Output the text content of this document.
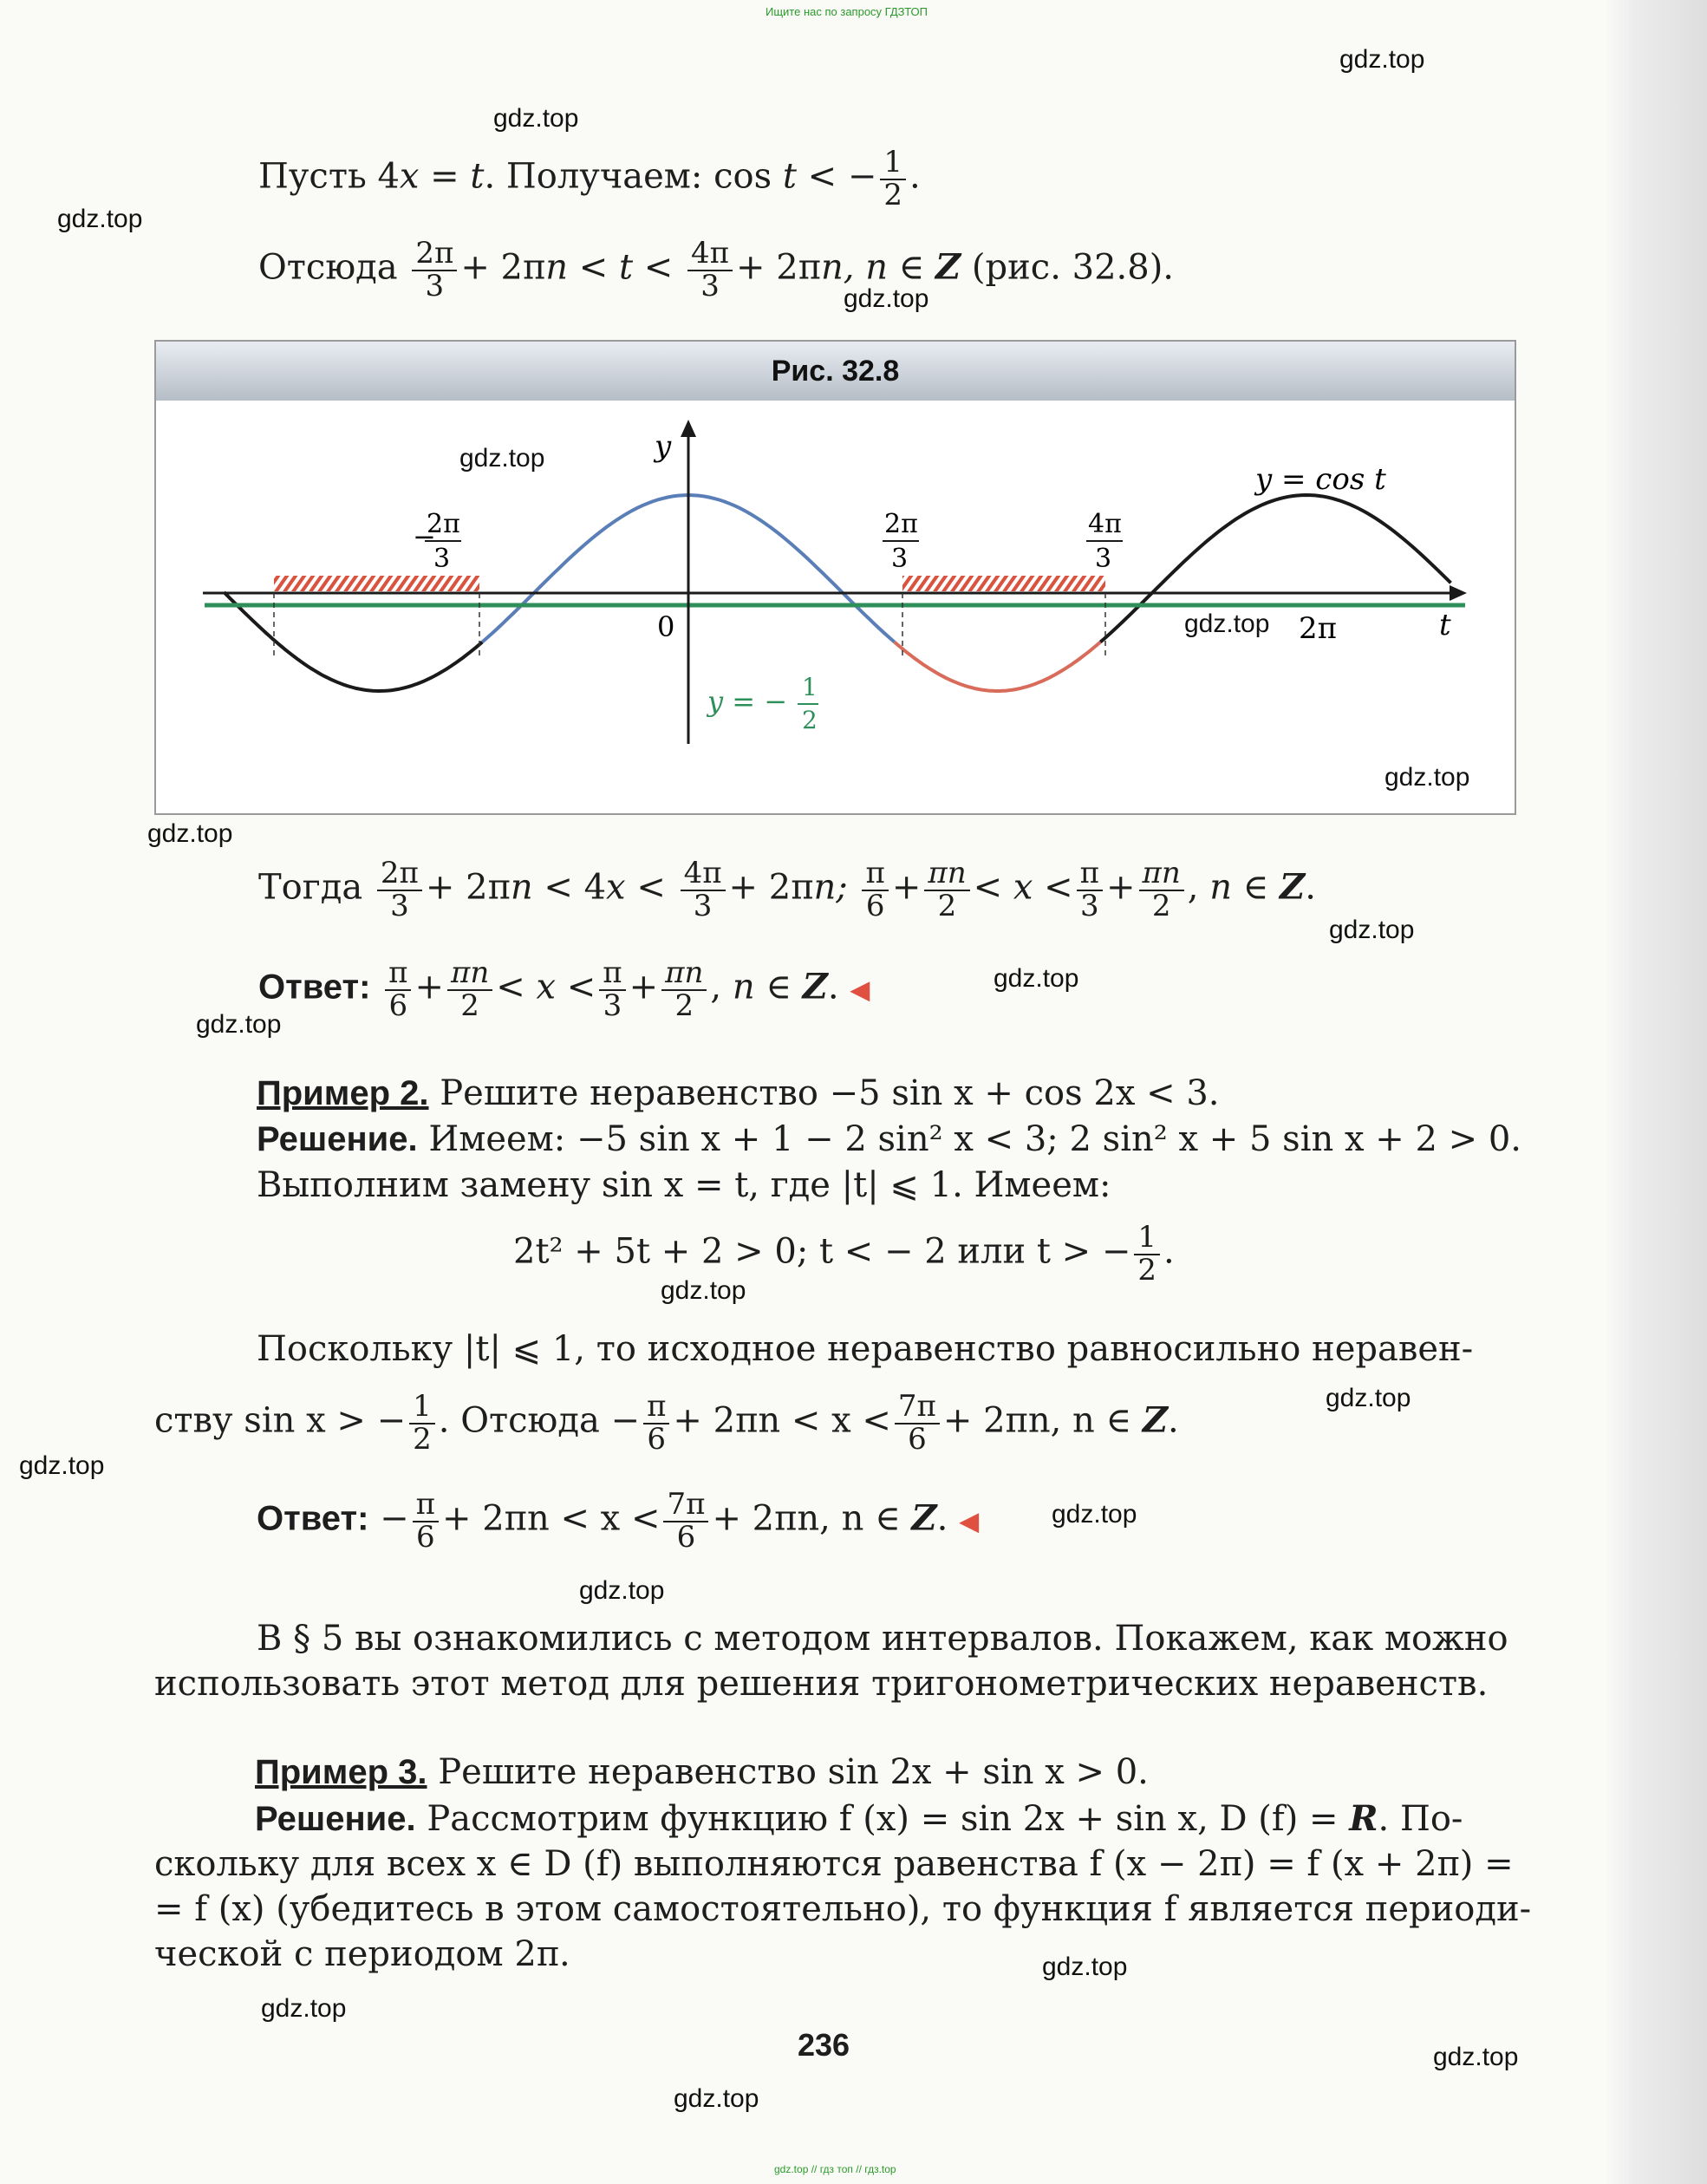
Ищите нас по запросу ГДЗТОП
gdz.top // гдз топ // гдз.top
Пусть 4x = t. Получаем: cos t < − $\frac{1}{2}$ .
Отсюда $\frac{2\pi}{3} + 2\pi n < t < \frac{4\pi}{3} + 2\pi n$, n ∈ Z (рис. 32.8).
Рис. 32.8
y
t
0	2π
y = cos t
−
2π
3
2π
3
4π
3
y = − 1
2
Тогда $\frac{2\pi}{3} + 2\pi n < 4x < \frac{4\pi}{3} + 2\pi n$; $\frac{\pi}{6} + \frac{\pi n}{2} < x < \frac{\pi}{3} + \frac{\pi n}{2}$ , n ∈ Z.
Ответ: $\frac{\pi}{6} + \frac{\pi n}{2} < x < \frac{\pi}{3} + \frac{\pi n}{2}$ , n ∈ Z. ◀
Пример 2. Решите неравенство −5 sin x + cos 2x < 3.
Решение. Имеем: −5 sin x + 1 − 2 sin² x < 3; 2 sin² x + 5 sin x + 2 > 0.
Выполним замену sin x = t, где |t| ⩽ 1. Имеем:
2t² + 5t + 2 > 0; t < − 2 или t > − $\frac{1}{2}$ .
Поскольку |t| ⩽ 1, то исходное неравенство равносильно неравен-
ству sin x > − $\frac{1}{2}$ . Отсюда − $\frac{\pi}{6} + 2\pi n < x < \frac{7\pi}{6} + 2\pi n$, n ∈ Z.
Ответ: − $\frac{\pi}{6} + 2\pi n < x < \frac{7\pi}{6} + 2\pi n$, n ∈ Z. ◀
В § 5 вы ознакомились с методом интервалов. Покажем, как можно
использовать этот метод для решения тригонометрических неравенств.
Пример 3. Решите неравенство sin 2x + sin x > 0.
Решение. Рассмотрим функцию f (x) = sin 2x + sin x, D (f) = R. По-
скольку для всех x ∈ D (f) выполняются равенства f (x − 2π) = f (x + 2π) =
= f (x) (убедитесь в этом самостоятельно), то функция f является периоди-
ческой с периодом 2π.
236
gdz.top
gdz.top
gdz.top
gdz.top
gdz.top
gdz.top
gdz.top
gdz.top
gdz.top
gdz.top
gdz.top
gdz.top
gdz.top
gdz.top
gdz.top
gdz.top
gdz.top
gdz.top
gdz.top
gdz.top
